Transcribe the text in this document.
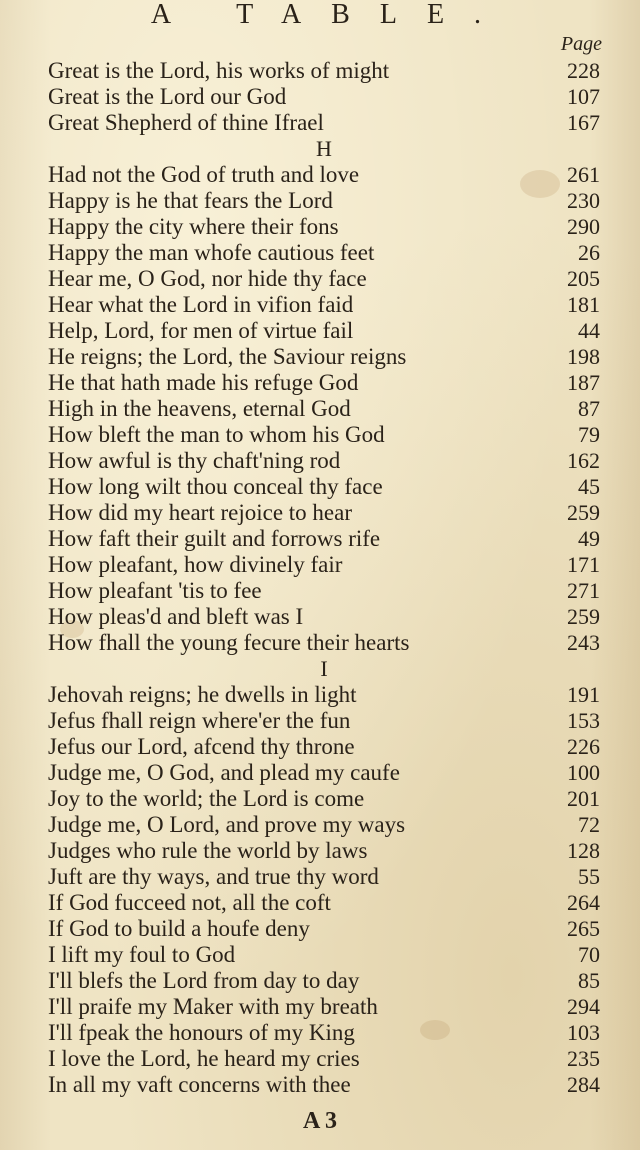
A TABLE.
Page
Great is the Lord, his works of might	228
Great is the Lord our God	107
Great Shepherd of thine Ifrael	167
H
Had not the God of truth and love	261
Happy is he that fears the Lord	230
Happy the city where their fons	290
Happy the man whofe cautious feet	26
Hear me, O God, nor hide thy face	205
Hear what the Lord in vifion faid	181
Help, Lord, for men of virtue fail	44
He reigns; the Lord, the Saviour reigns	198
He that hath made his refuge God	187
High in the heavens, eternal God	87
How bleft the man to whom his God	79
How awful is thy chaft'ning rod	162
How long wilt thou conceal thy face	45
How did my heart rejoice to hear	259
How faft their guilt and forrows rife	49
How pleafant, how divinely fair	171
How pleafant 'tis to fee	271
How pleas'd and bleft was I	259
How fhall the young fecure their hearts	243
I
Jehovah reigns; he dwells in light	191
Jefus fhall reign where'er the fun	153
Jefus our Lord, afcend thy throne	226
Judge me, O God, and plead my caufe	100
Joy to the world; the Lord is come	201
Judge me, O Lord, and prove my ways	72
Judges who rule the world by laws	128
Juft are thy ways, and true thy word	55
If God fucceed not, all the coft	264
If God to build a houfe deny	265
I lift my foul to God	70
I'll blefs the Lord from day to day	85
I'll praife my Maker with my breath	294
I'll fpeak the honours of my King	103
I love the Lord, he heard my cries	235
In all my vaft concerns with thee	284
A 3
